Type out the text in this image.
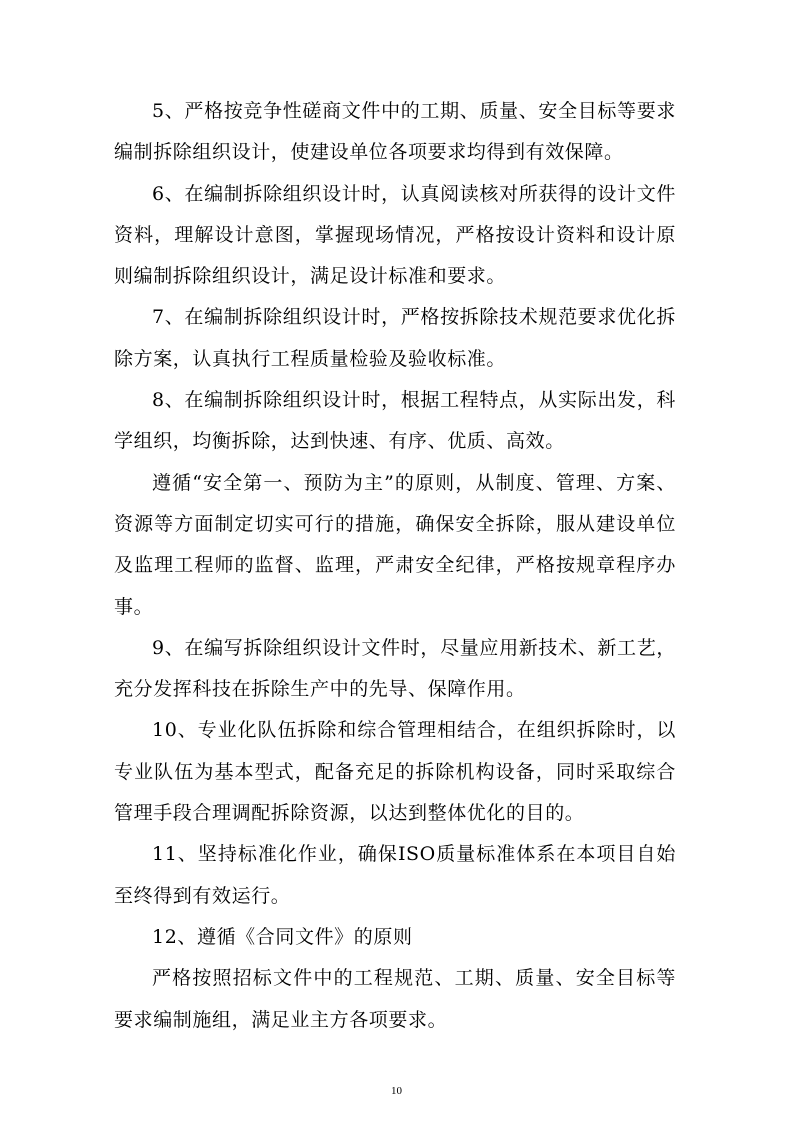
5、严格按竞争性磋商文件中的工期、质量、安全目标等要求编制拆除组织设计，使建设单位各项要求均得到有效保障。

6、在编制拆除组织设计时，认真阅读核对所获得的设计文件资料，理解设计意图，掌握现场情况，严格按设计资料和设计原则编制拆除组织设计，满足设计标准和要求。

7、在编制拆除组织设计时，严格按拆除技术规范要求优化拆除方案，认真执行工程质量检验及验收标准。

8、在编制拆除组织设计时，根据工程特点，从实际出发，科学组织，均衡拆除，达到快速、有序、优质、高效。

遵循“安全第一、预防为主”的原则，从制度、管理、方案、资源等方面制定切实可行的措施，确保安全拆除，服从建设单位及监理工程师的监督、监理，严肃安全纪律，严格按规章程序办事。

9、在编写拆除组织设计文件时，尽量应用新技术、新工艺，充分发挥科技在拆除生产中的先导、保障作用。

10、专业化队伍拆除和综合管理相结合，在组织拆除时，以专业队伍为基本型式，配备充足的拆除机构设备，同时采取综合管理手段合理调配拆除资源，以达到整体优化的目的。

11、坚持标准化作业，确保ISO质量标准体系在本项目自始至终得到有效运行。

12、遵循《合同文件》的原则

严格按照招标文件中的工程规范、工期、质量、安全目标等要求编制施组，满足业主方各项要求。

10
